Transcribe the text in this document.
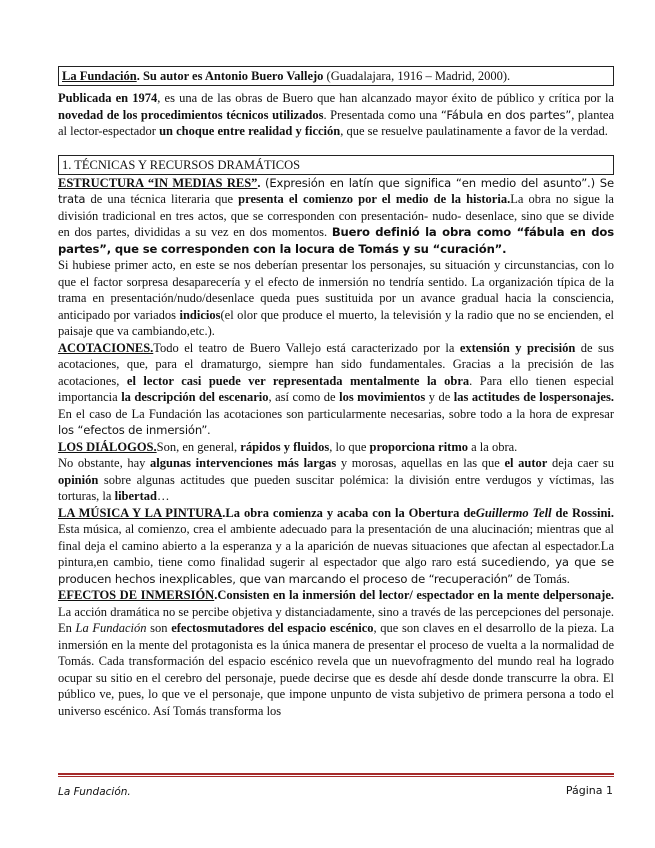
La Fundación. Su autor es Antonio Buero Vallejo (Guadalajara, 1916 – Madrid, 2000).

Publicada en 1974, es una de las obras de Buero que han alcanzado mayor éxito de público y crítica por la novedad de los procedimientos técnicos utilizados. Presentada como una “Fábula en dos partes”, plantea al lector-espectador un choque entre realidad y ficción, que se resuelve paulatinamente a favor de la verdad.

1. TÉCNICAS Y RECURSOS DRAMÁTICOS

ESTRUCTURA “IN MEDIAS RES”. (Expresión en latín que significa “en medio del asunto”.) Se trata de una técnica literaria que presenta el comienzo por el medio de la historia.La obra no sigue la división tradicional en tres actos, que se corresponden con presentación- nudo- desenlace, sino que se divide en dos partes, divididas a su vez en dos momentos. Buero definió la obra como “fábula en dos partes”, que se corresponden con la locura de Tomás y su “curación”.

Si hubiese primer acto, en este se nos deberían presentar los personajes, su situación y circunstancias, con lo que el factor sorpresa desaparecería y el efecto de inmersión no tendría sentido. La organización típica de la trama en presentación/nudo/desenlace queda pues sustituida por un avance gradual hacia la consciencia, anticipado por variados indicios(el olor que produce el muerto, la televisión y la radio que no se encienden, el paisaje que va cambiando,etc.).

ACOTACIONES.Todo el teatro de Buero Vallejo está caracterizado por la extensión y precisión de sus acotaciones, que, para el dramaturgo, siempre han sido fundamentales. Gracias a la precisión de las acotaciones, el lector casi puede ver representada mentalmente la obra. Para ello tienen especial importancia la descripción del escenario, así como de los movimientos y de las actitudes de lospersonajes. En el caso de La Fundación las acotaciones son particularmente necesarias, sobre todo a la hora de expresar los “efectos de inmersión”.

LOS DIÁLOGOS.Son, en general, rápidos y fluidos, lo que proporciona ritmo a la obra.

No obstante, hay algunas intervenciones más largas y morosas, aquellas en las que el autor deja caer su opinión sobre algunas actitudes que pueden suscitar polémica: la división entre verdugos y víctimas, las torturas, la libertad…

LA MÚSICA Y LA PINTURA.La obra comienza y acaba con la Obertura deGuillermo Tell de Rossini. Esta música, al comienzo, crea el ambiente adecuado para la presentación de una alucinación; mientras que al final deja el camino abierto a la esperanza y a la aparición de nuevas situaciones que afectan al espectador.La pintura,en cambio, tiene como finalidad sugerir al espectador que algo raro está sucediendo, ya que se producen hechos inexplicables, que van marcando el proceso de “recuperación” de Tomás.

EFECTOS DE INMERSIÓN.Consisten en la inmersión del lector/ espectador en la mente delpersonaje. La acción dramática no se percibe objetiva y distanciadamente, sino a través de las percepciones del personaje. En La Fundación son efectosmutadores del espacio escénico, que son claves en el desarrollo de la pieza. La inmersión en la mente del protagonista es la única manera de presentar el proceso de vuelta a la normalidad de Tomás. Cada transformación del espacio escénico revela que un nuevofragmento del mundo real ha logrado ocupar su sitio en el cerebro del personaje, puede decirse que es desde ahí desde donde transcurre la obra. El público ve, pues, lo que ve el personaje, que impone unpunto de vista subjetivo de primera persona a todo el universo escénico. Así Tomás transforma los

La Fundación.	Página 1
